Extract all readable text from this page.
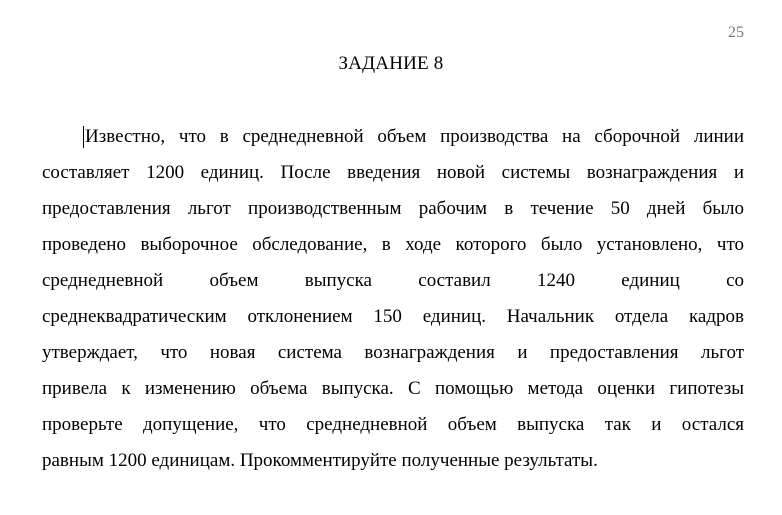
25
ЗАДАНИЕ 8
Известно, что в среднедневной объем производства на сборочной линии
составляет 1200 единиц. После введения новой системы вознаграждения и
предоставления льгот производственным рабочим в течение 50 дней было
проведено выборочное обследование, в ходе которого было установлено, что
среднедневной объем выпуска составил 1240 единиц со
среднеквадратическим отклонением 150 единиц. Начальник отдела кадров
утверждает, что новая система вознаграждения и предоставления льгот
привела к изменению объема выпуска. С помощью метода оценки гипотезы
проверьте допущение, что среднедневной объем выпуска так и остался
равным 1200 единицам. Прокомментируйте полученные результаты.
